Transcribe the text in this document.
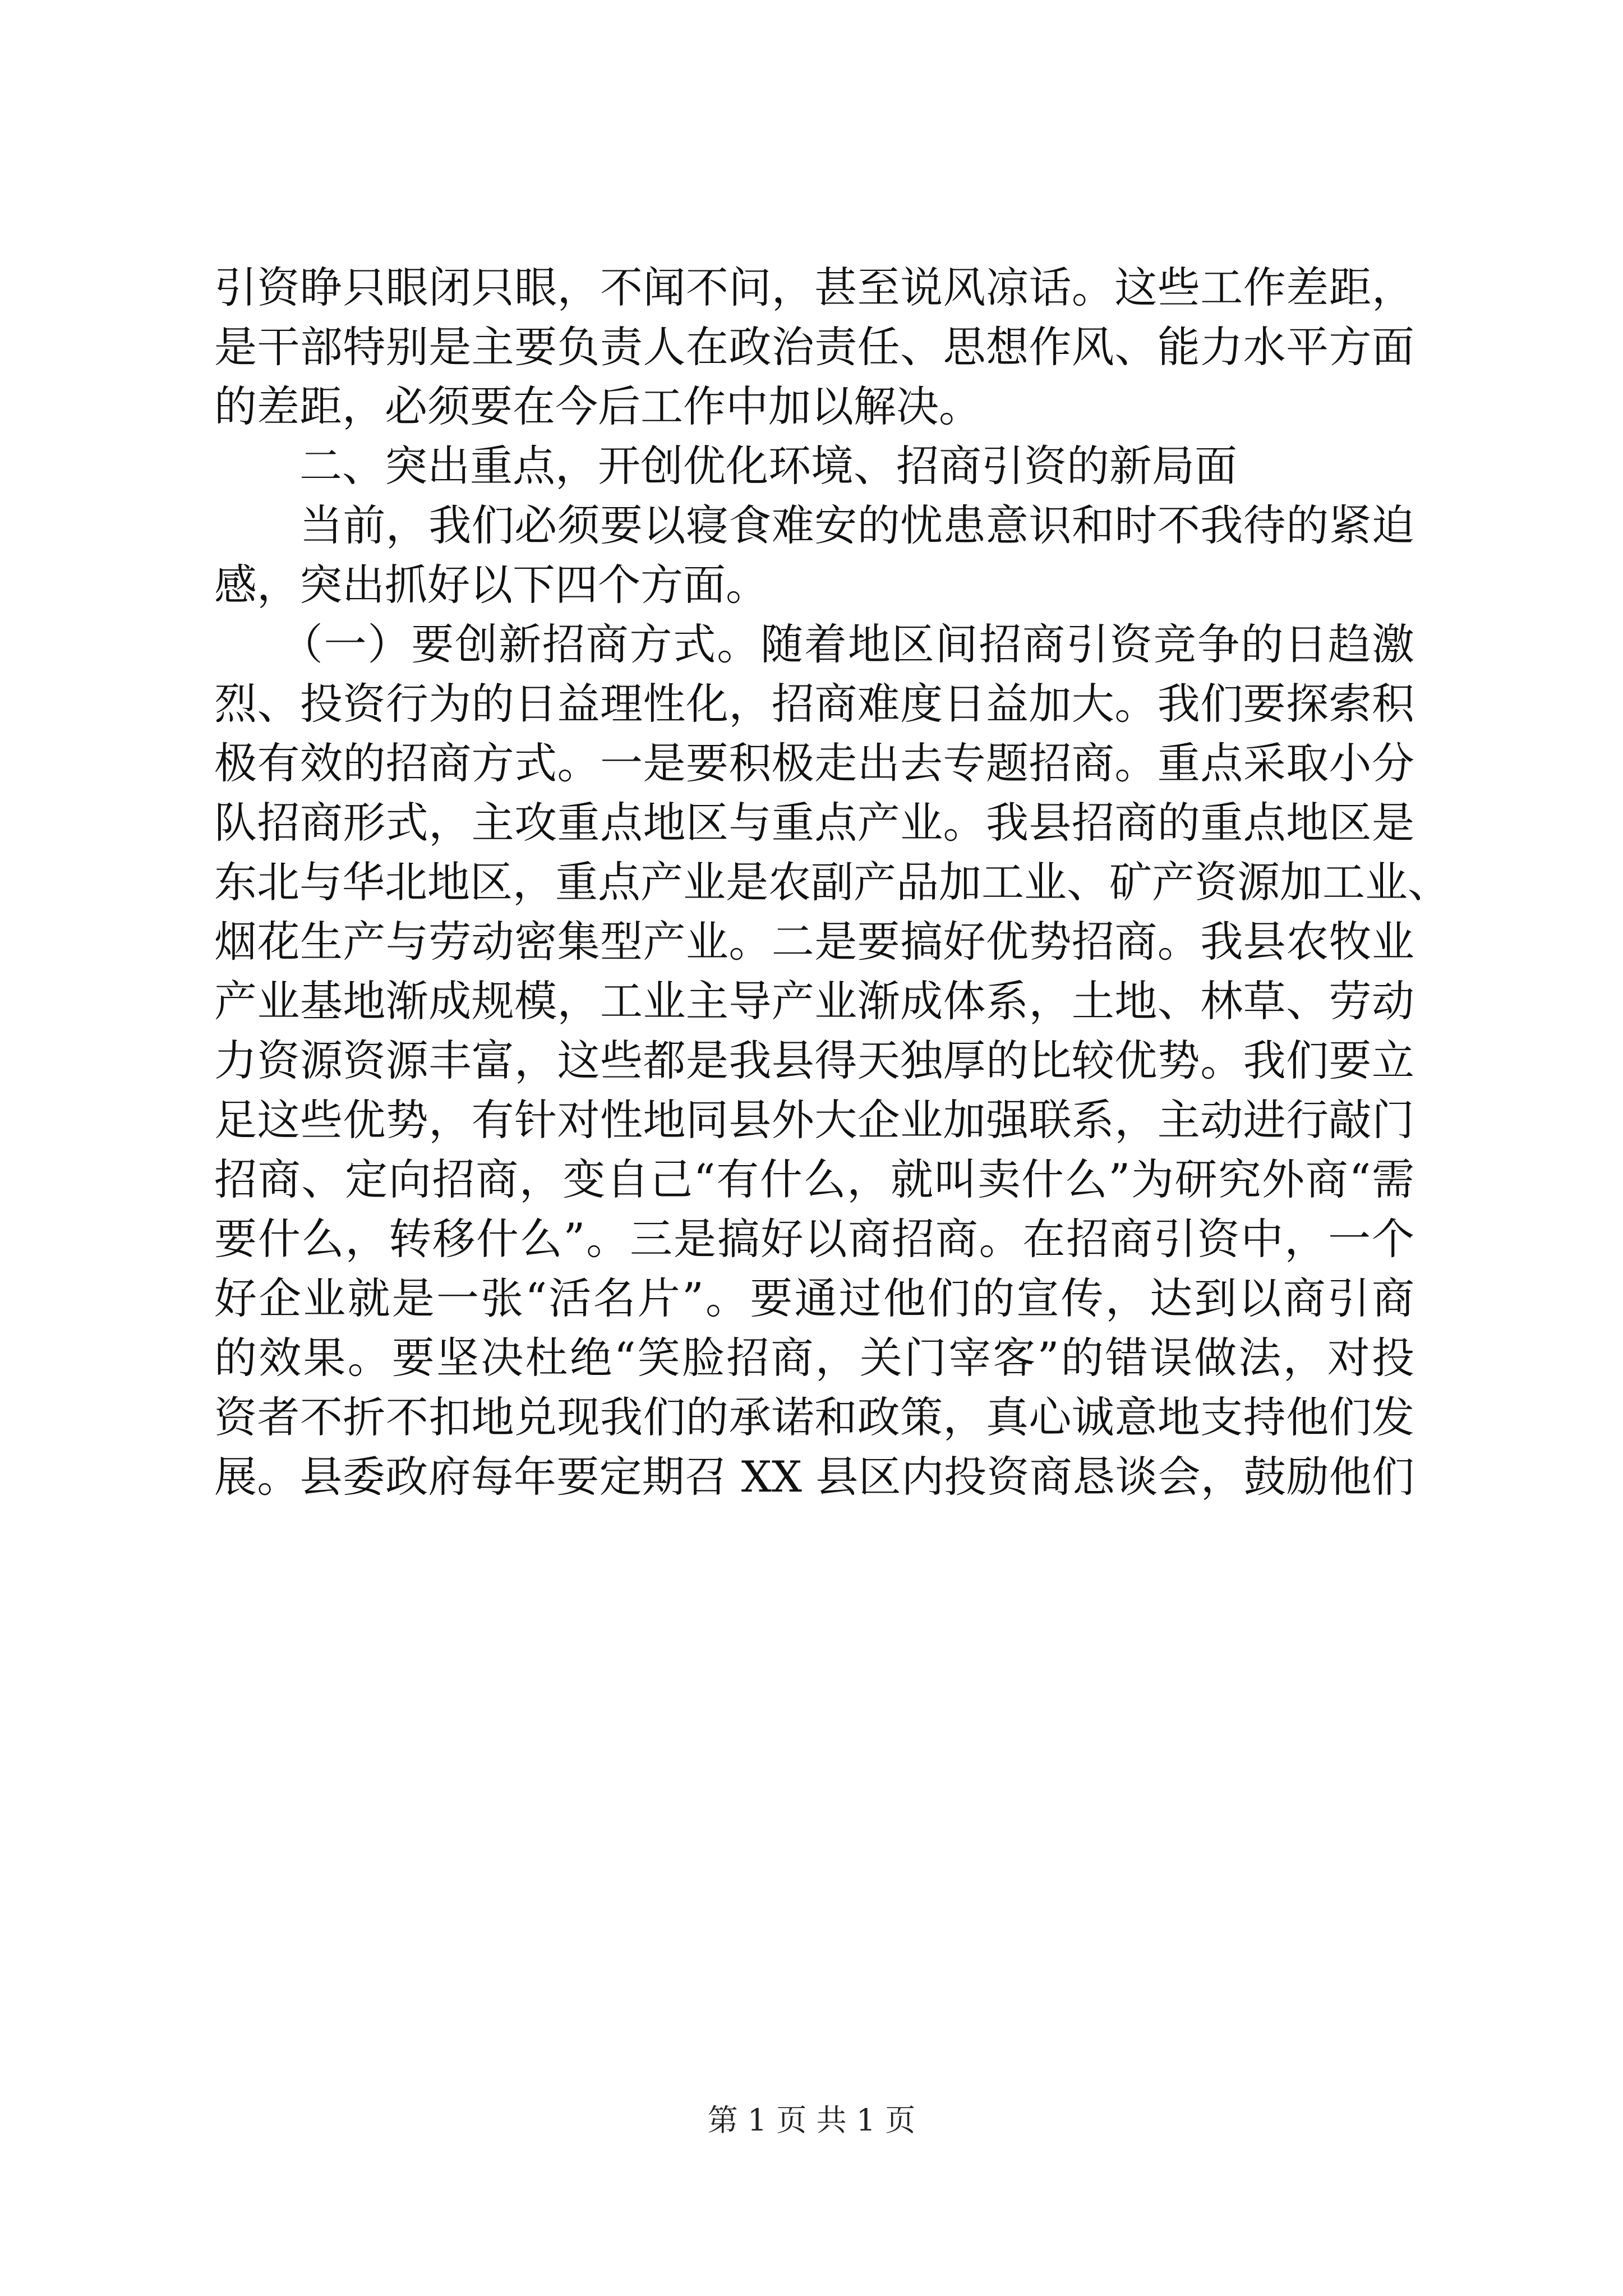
引资睁只眼闭只眼，不闻不问，甚至说风凉话。这些工作差距，
是干部特别是主要负责人在政治责任、思想作风、能力水平方面
的差距，必须要在今后工作中加以解决。
　　二、突出重点，开创优化环境、招商引资的新局面
　　当前，我们必须要以寝食难安的忧患意识和时不我待的紧迫
感，突出抓好以下四个方面。
　　（一）要创新招商方式。随着地区间招商引资竞争的日趋激
烈、投资行为的日益理性化，招商难度日益加大。我们要探索积
极有效的招商方式。一是要积极走出去专题招商。重点采取小分
队招商形式，主攻重点地区与重点产业。我县招商的重点地区是
东北与华北地区，重点产业是农副产品加工业、矿产资源加工业、
烟花生产与劳动密集型产业。二是要搞好优势招商。我县农牧业
产业基地渐成规模，工业主导产业渐成体系，土地、林草、劳动
力资源资源丰富，这些都是我县得天独厚的比较优势。我们要立
足这些优势，有针对性地同县外大企业加强联系，主动进行敲门
招商、定向招商，变自己“有什么，就叫卖什么”为研究外商“需
要什么，转移什么”。三是搞好以商招商。在招商引资中，一个
好企业就是一张“活名片”。要通过他们的宣传，达到以商引商
的效果。要坚决杜绝“笑脸招商，关门宰客”的错误做法，对投
资者不折不扣地兑现我们的承诺和政策，真心诚意地支持他们发
展。县委政府每年要定期召 XX 县区内投资商恳谈会，鼓励他们
第 1 页 共 1 页
